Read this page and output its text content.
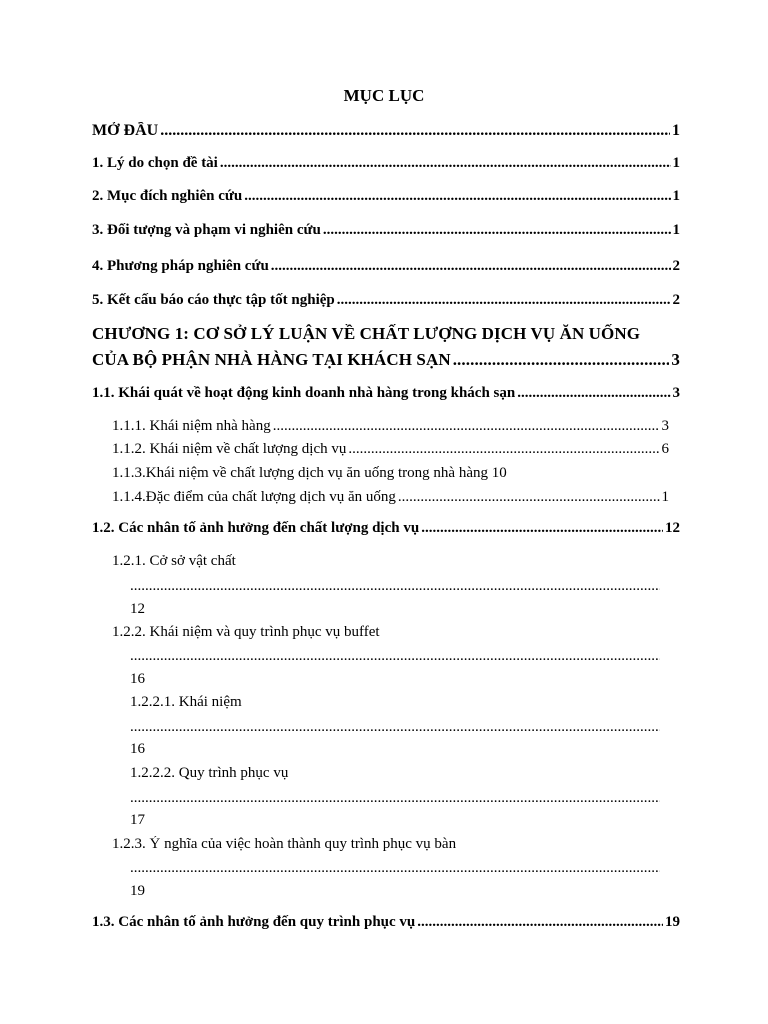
MỤC LỤC
MỞ ĐẦU .....	1
1. Lý do chọn đề tài .....	1
2. Mục đích nghiên cứu .....	1
3. Đối tượng và phạm vi nghiên cứu .....	1
4. Phương pháp nghiên cứu .....	2
5. Kết cấu báo cáo thực tập tốt nghiệp .....	2
CHƯƠNG 1: CƠ SỞ LÝ LUẬN VỀ CHẤT LƯỢNG DỊCH VỤ ĂN UỐNG
CỦA BỘ PHẬN NHÀ HÀNG TẠI KHÁCH SẠN .....	3
1.1. Khái quát về hoạt động kinh doanh nhà hàng trong khách sạn .....	3
1.1.1. Khái niệm nhà hàng .....	3
1.1.2. Khái niệm về chất lượng dịch vụ .....	6
1.1.3.Khái niệm về chất lượng dịch vụ ăn uống trong nhà hàng 10
1.1.4.Đặc điểm của chất lượng dịch vụ ăn uống .....	1
1.2. Các nhân tố ảnh hưởng đến chất lượng dịch vụ .....	12
1.2.1. Cở sở vật chất
.....
12
1.2.2. Khái niệm và quy trình phục vụ buffet
.....
16
1.2.2.1. Khái niệm
.....
16
1.2.2.2. Quy trình phục vụ
.....
17
1.2.3. Ý nghĩa của việc hoàn thành quy trình phục vụ bàn
.....
19
1.3. Các nhân tố ảnh hưởng đến quy trình phục vụ .....	19
